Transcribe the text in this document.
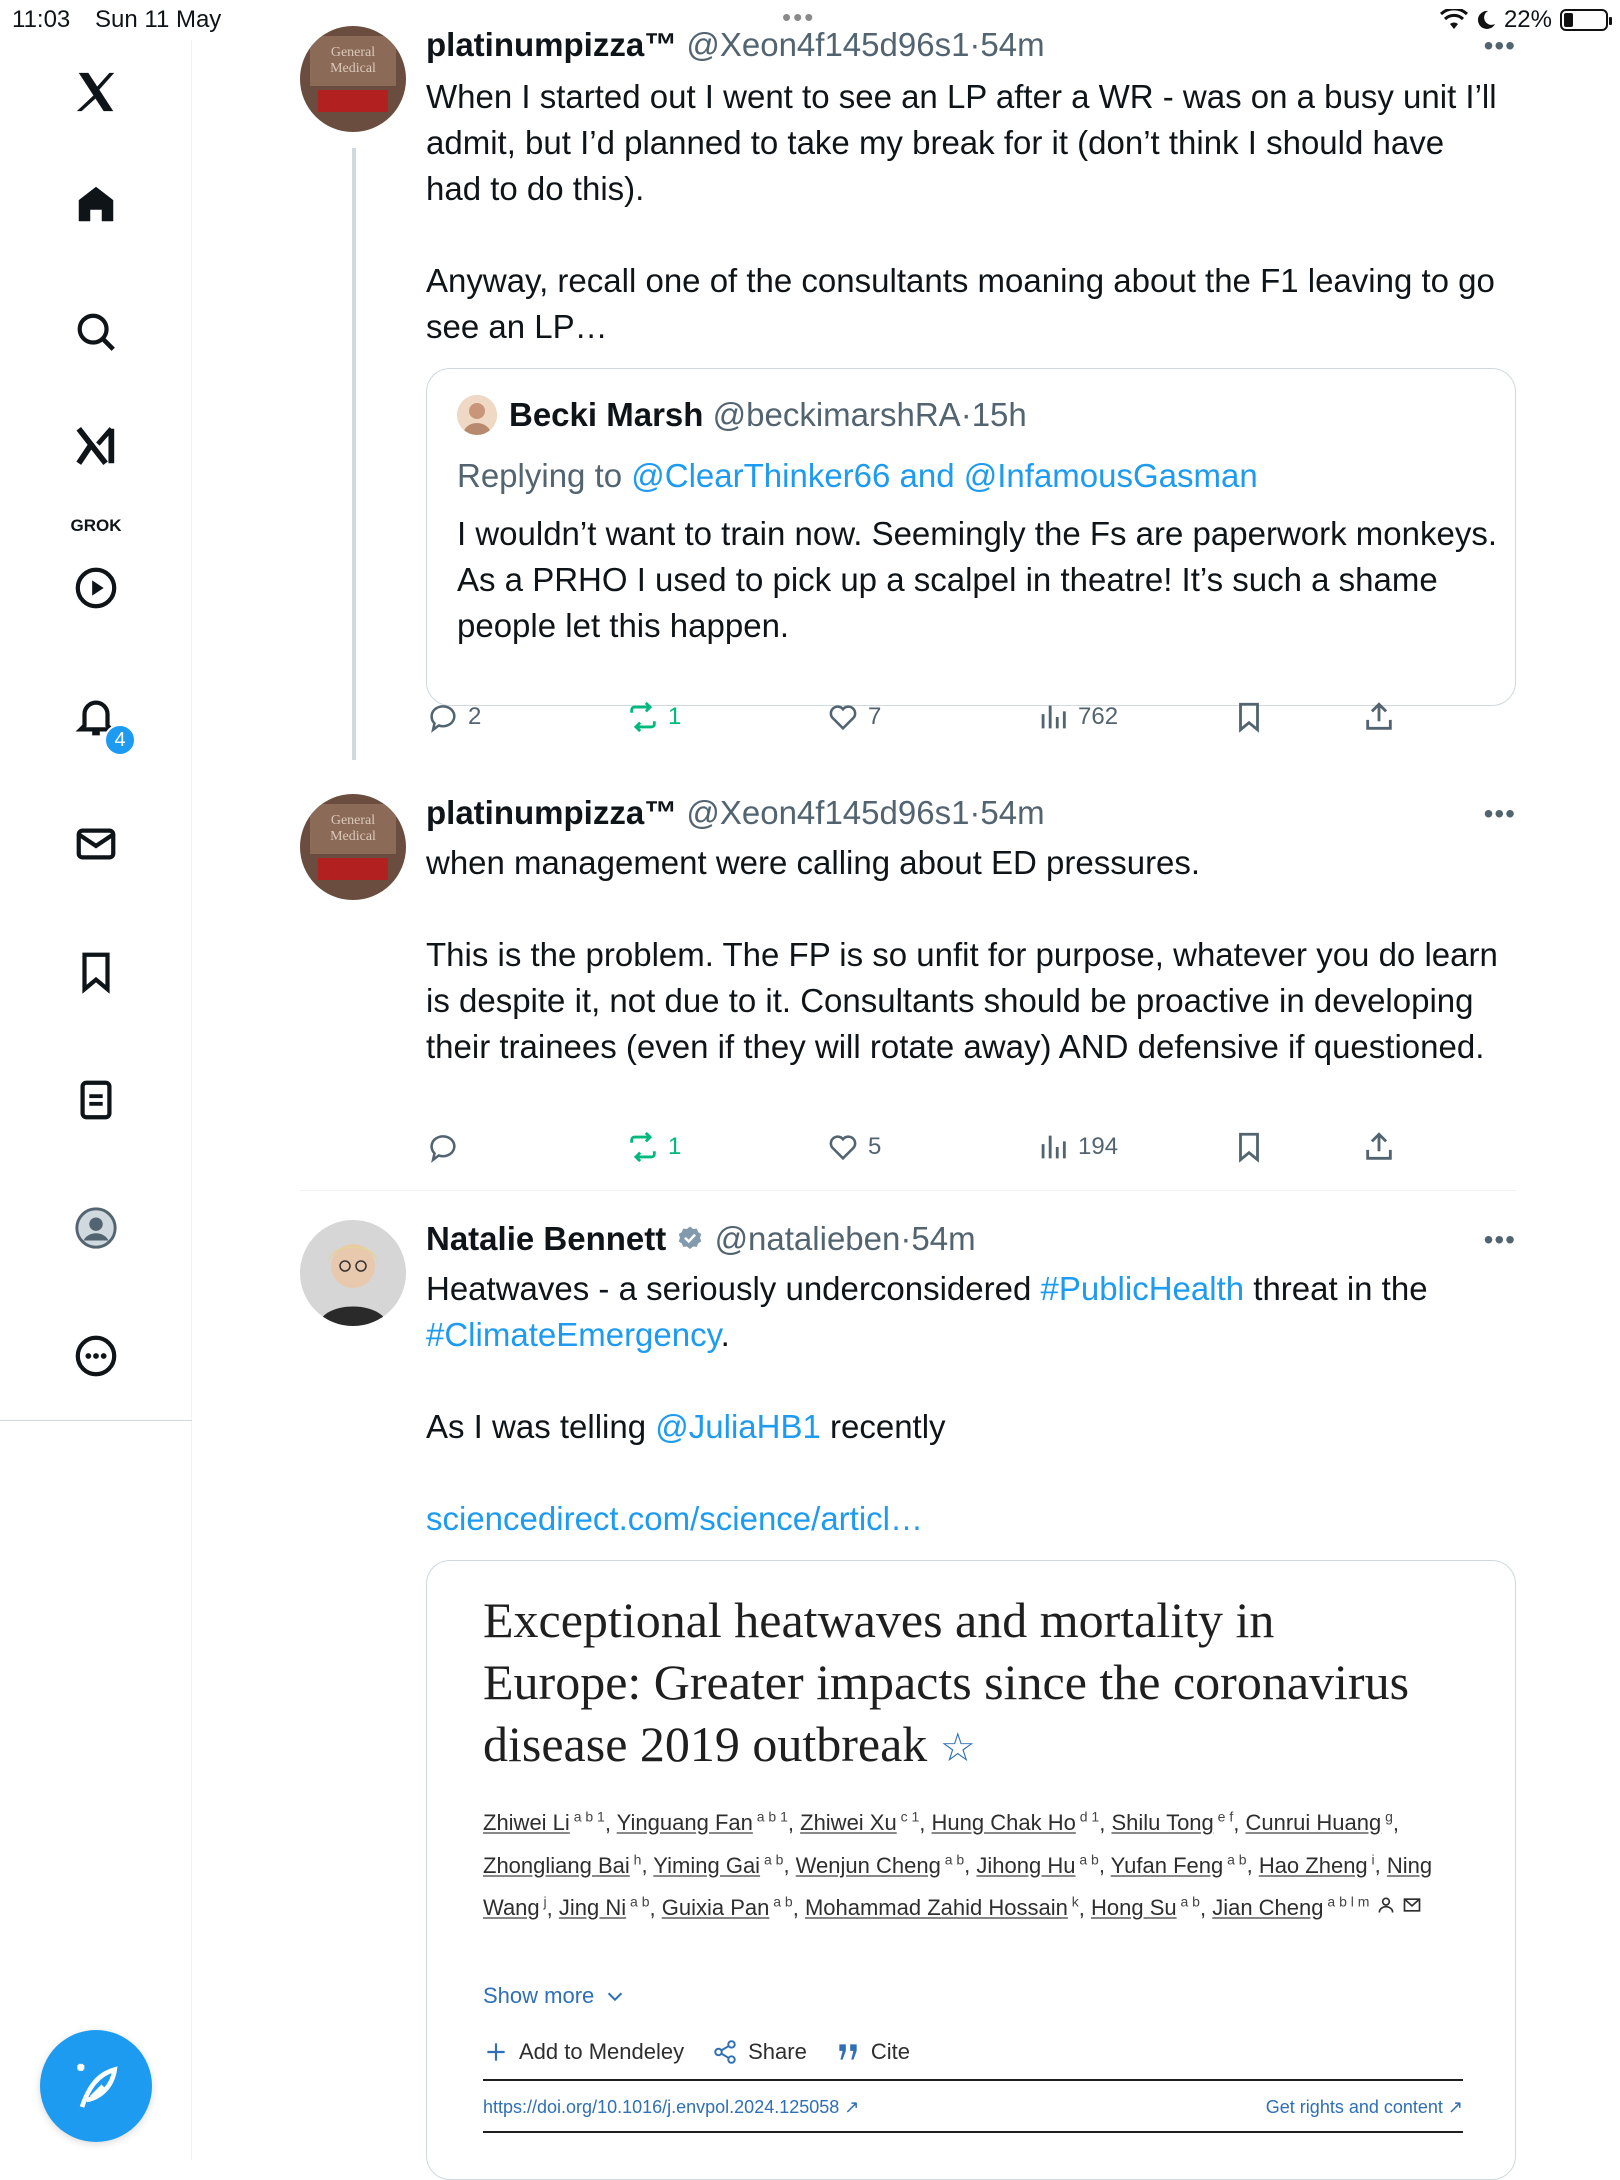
11:03 Sun 11 May	•••	22%
GROK
4
General
Medical
platinumpizza™
@Xeon4f145d96s1 · 54m	•••
When I started out I went to see an LP after a WR - was on a busy unit I’ll admit, but I’d planned to take my break for it (don’t think I should have had to do this).

Anyway, recall one of the consultants moaning about the F1 leaving to go see an LP…
Becki Marsh
@beckimarshRA · 15h
Replying to @ClearThinker66 and @InfamousGasman
I wouldn’t want to train now. Seemingly the Fs are paperwork monkeys. As a PRHO I used to pick up a scalpel in theatre! It’s such a shame people let this happen.
2	1	7	762
General
Medical
platinumpizza™
@Xeon4f145d96s1 · 54m	•••
when management were calling about ED pressures.

This is the problem. The FP is so unfit for purpose, whatever you do learn is despite it, not due to it. Consultants should be proactive in developing their trainees (even if they will rotate away) AND defensive if questioned.
1	5	194
Natalie Bennett

@natalieben · 54m	•••
Heatwaves - a seriously underconsidered #PublicHealth threat in the
#ClimateEmergency.
As I was telling @JuliaHB1 recently
sciencedirect.com/science/articl…
Exceptional heatwaves and mortality in Europe: Greater impacts since the coronavirus disease 2019 outbreak ☆
Zhiwei Li $^{a b 1}$, Yinguang Fan $^{a b 1}$, Zhiwei Xu $^{c 1}$, Hung Chak Ho $^{d 1}$, Shilu Tong $^{e f}$, Cunrui Huang $^g$, Zhongliang Bai $^h$, Yiming Gai $^{a b}$, Wenjun Cheng $^{a b}$, Jihong Hu $^{a b}$, Yufan Feng $^{a b}$, Hao Zheng $^i$, Ning Wang $^j$, Jing Ni $^{a b}$, Guixia Pan $^{a b}$, Mohammad Zahid Hossain $^k$, Hong Su $^{a b}$, Jian Cheng $^{a b l m}$
Show more
Add to Mendeley	Share	Cite
https://doi.org/10.1016/j.envpol.2024.125058 ↗	Get rights and content ↗
